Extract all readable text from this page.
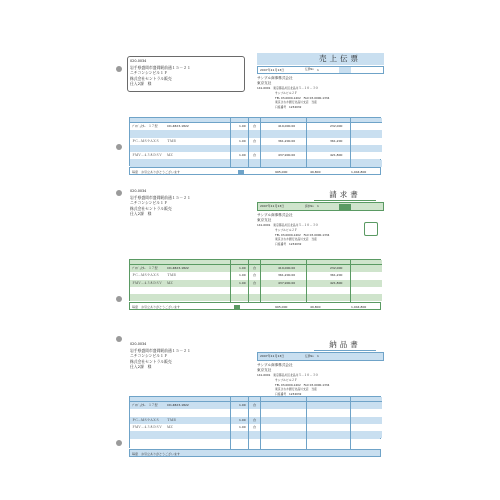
020-0034
岩手県盛岡市盛岡駅前通１５－２１
ニチコンシンビル１Ｆ
株式会社セントラル販売
仕入2課　様
売上伝票
2007年11月13日	伝票No 1
サンプル商事株式会社
東京支社
141-0001　 東京都品川区北品川５－１０－３０
サンプルビル２Ｆ
TEL 03-0000-1402　 FAX 03-0000-1334
東京さわか銀行北品川支店　当座
口座番号　1234032
ﾌﾟﾛｼﾞｪｸﾀｰ　１７型	CD-4823-1822	1.00 台	419,000.00	232,000
ＰＣ－ＭＳ９ＡＸＳ	ＴＭＢ	1.00 台	361,200.00	361,200
ＦＭＶ－４３８ＤＳＶ ＭＺ	1.00 台	437,900.00	421,800
毎度　お引立ありがとうございます	995,000	49,800	1,044,800
020-0034
岩手県盛岡市盛岡駅前通１５－２１
ニチコンシンビル１Ｆ
株式会社セントラル販売
仕入2課　様
請求書
2007年11月13日	請求No 1
サンプル商事株式会社
東京支社
141-0001　 東京都品川区北品川５－１０－３０
サンプルビル２Ｆ
TEL 03-0000-1402　 FAX 03-0000-1334
東京さわか銀行北品川支店　当座
口座番号　1234032
ﾌﾟﾛｼﾞｪｸﾀｰ　１７型	CD-4823-1822	1.00 台	419,000.00	232,000
ＰＣ－ＭＳ９ＡＸＳ	ＴＭＢ	1.00 台	361,200.00	361,200
ＦＭＶ－４３８ＤＳＶ ＭＺ	1.00 台	437,900.00	421,800
毎度　お引立ありがとうございます	995,000	49,800	1,044,800
020-0034
岩手県盛岡市盛岡駅前通１５－２１
ニチコンシンビル１Ｆ
株式会社セントラル販売
仕入2課　様
納品書
2007年11月13日	伝票No 1
サンプル商事株式会社
東京支社
141-0001　 東京都品川区北品川５－１０－３０
サンプルビル２Ｆ
TEL 03-0000-1402　 FAX 03-0000-1334
東京さわか銀行北品川支店　当座
口座番号　1234032
ﾌﾟﾛｼﾞｪｸﾀｰ　１７型	CD-4823-1822	1.00 台
ＰＣ－ＭＳ９ＡＸＳ	ＴＭＢ	1.00 台
ＦＭＶ－４３８ＤＳＶ ＭＺ	1.00 台
毎度　お引立ありがとうございます
